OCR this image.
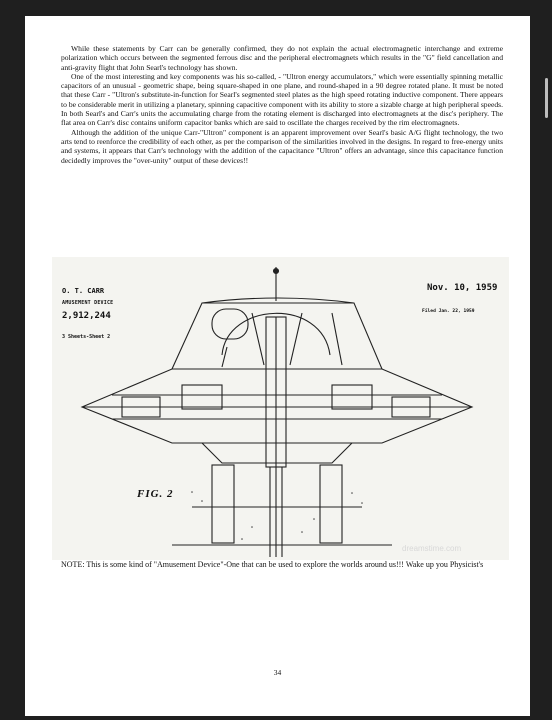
While these statements by Carr can be generally confirmed, they do not explain the actual electromagnetic interchange and extreme polarization which occurs between the segmented ferrous disc and the peripheral electromagnets which results in the "G" field cancellation and anti-gravity flight that John Searl's technology has shown.

One of the most interesting and key components was his so-called, - "Ultron energy accumulators," which were essentially spinning metallic capacitors of an unusual - geometric shape, being square-shaped in one plane, and round-shaped in a 90 degree rotated plane. It must be noted that these Carr - "Ultron's substitute-in-function for Searl's segmented steel plates as the high speed rotating inductive component. There appears to be considerable merit in utilizing a planetary, spinning capacitive component with its ability to store a sizable charge at high peripheral speeds. In both Searl's and Carr's units the accumulating charge from the rotating element is discharged into electromagnets at the disc's periphery. The flat area on Carr's disc contains uniform capacitor banks which are said to oscillate the charges received by the rim electromagnets.

Although the addition of the unique Carr-"Ultron" component is an apparent improvement over Searl's basic A/G flight technology, the two arts tend to reenforce the credibility of each other, as per the comparison of the similarities involved in the designs. In regard to free-energy units and systems, it appears that Carr's technology with the addition of the capacitance "Ultron" offers an advantage, since this capacitance function decidedly improves the "over-unity" output of these devices!!

O. T. CARR
AMUSEMENT DEVICE
2,912,244
3 Sheets-Sheet 2
Nov. 10, 1959
Filed Jan. 22, 1959
FIG. 2
dreamstime.com
NOTE: This is some kind of "Amusement Device"-One that can be used to explore the worlds around us!!! Wake up you Physicist's
34
